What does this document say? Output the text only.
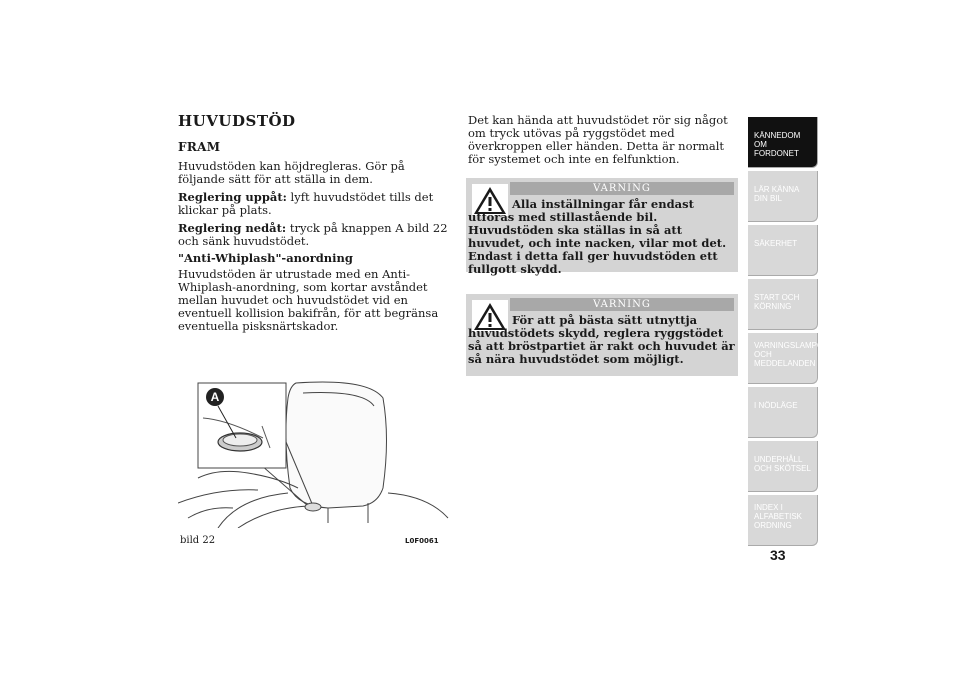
HUVUDSTÖD
FRAM
Huvudstöden kan höjdregleras. Gör på följande sätt för att ställa in dem.
Reglering uppåt: lyft huvudstödet tills det klickar på plats.
Reglering nedåt: tryck på knappen A bild 22 och sänk huvudstödet.
"Anti-Whiplash"-anordning
Huvudstöden är utrustade med en Anti-Whiplash-anordning, som kortar avståndet mellan huvudet och huvudstödet vid en eventuell kollision bakifrån, för att begränsa eventuella pisksnärtskador.
Det kan hända att huvudstödet rör sig något om tryck utövas på ryggstödet med överkroppen eller händen. Detta är normalt för systemet och inte en felfunktion.
VARNING
Alla inställningar får endast utföras med stillastående bil. Huvudstöden ska ställas in så att huvudet, och inte nacken, vilar mot det. Endast i detta fall ger huvudstöden ett fullgott skydd.
VARNING
För att på bästa sätt utnyttja huvudstödets skydd, reglera ryggstödet så att bröstpartiet är rakt och huvudet är så nära huvudstödet som möjligt.
A
bild 22	L0F0061
KÄNNEDOM OM FORDONET
LÄR KÄNNA DIN BIL
SÄKERHET
START OCH KÖRNING
VARNINGSLAMPOR OCH MEDDELANDEN
I NÖDLÄGE
UNDERHÅLL OCH SKÖTSEL
INDEX I ALFABETISK ORDNING
33
